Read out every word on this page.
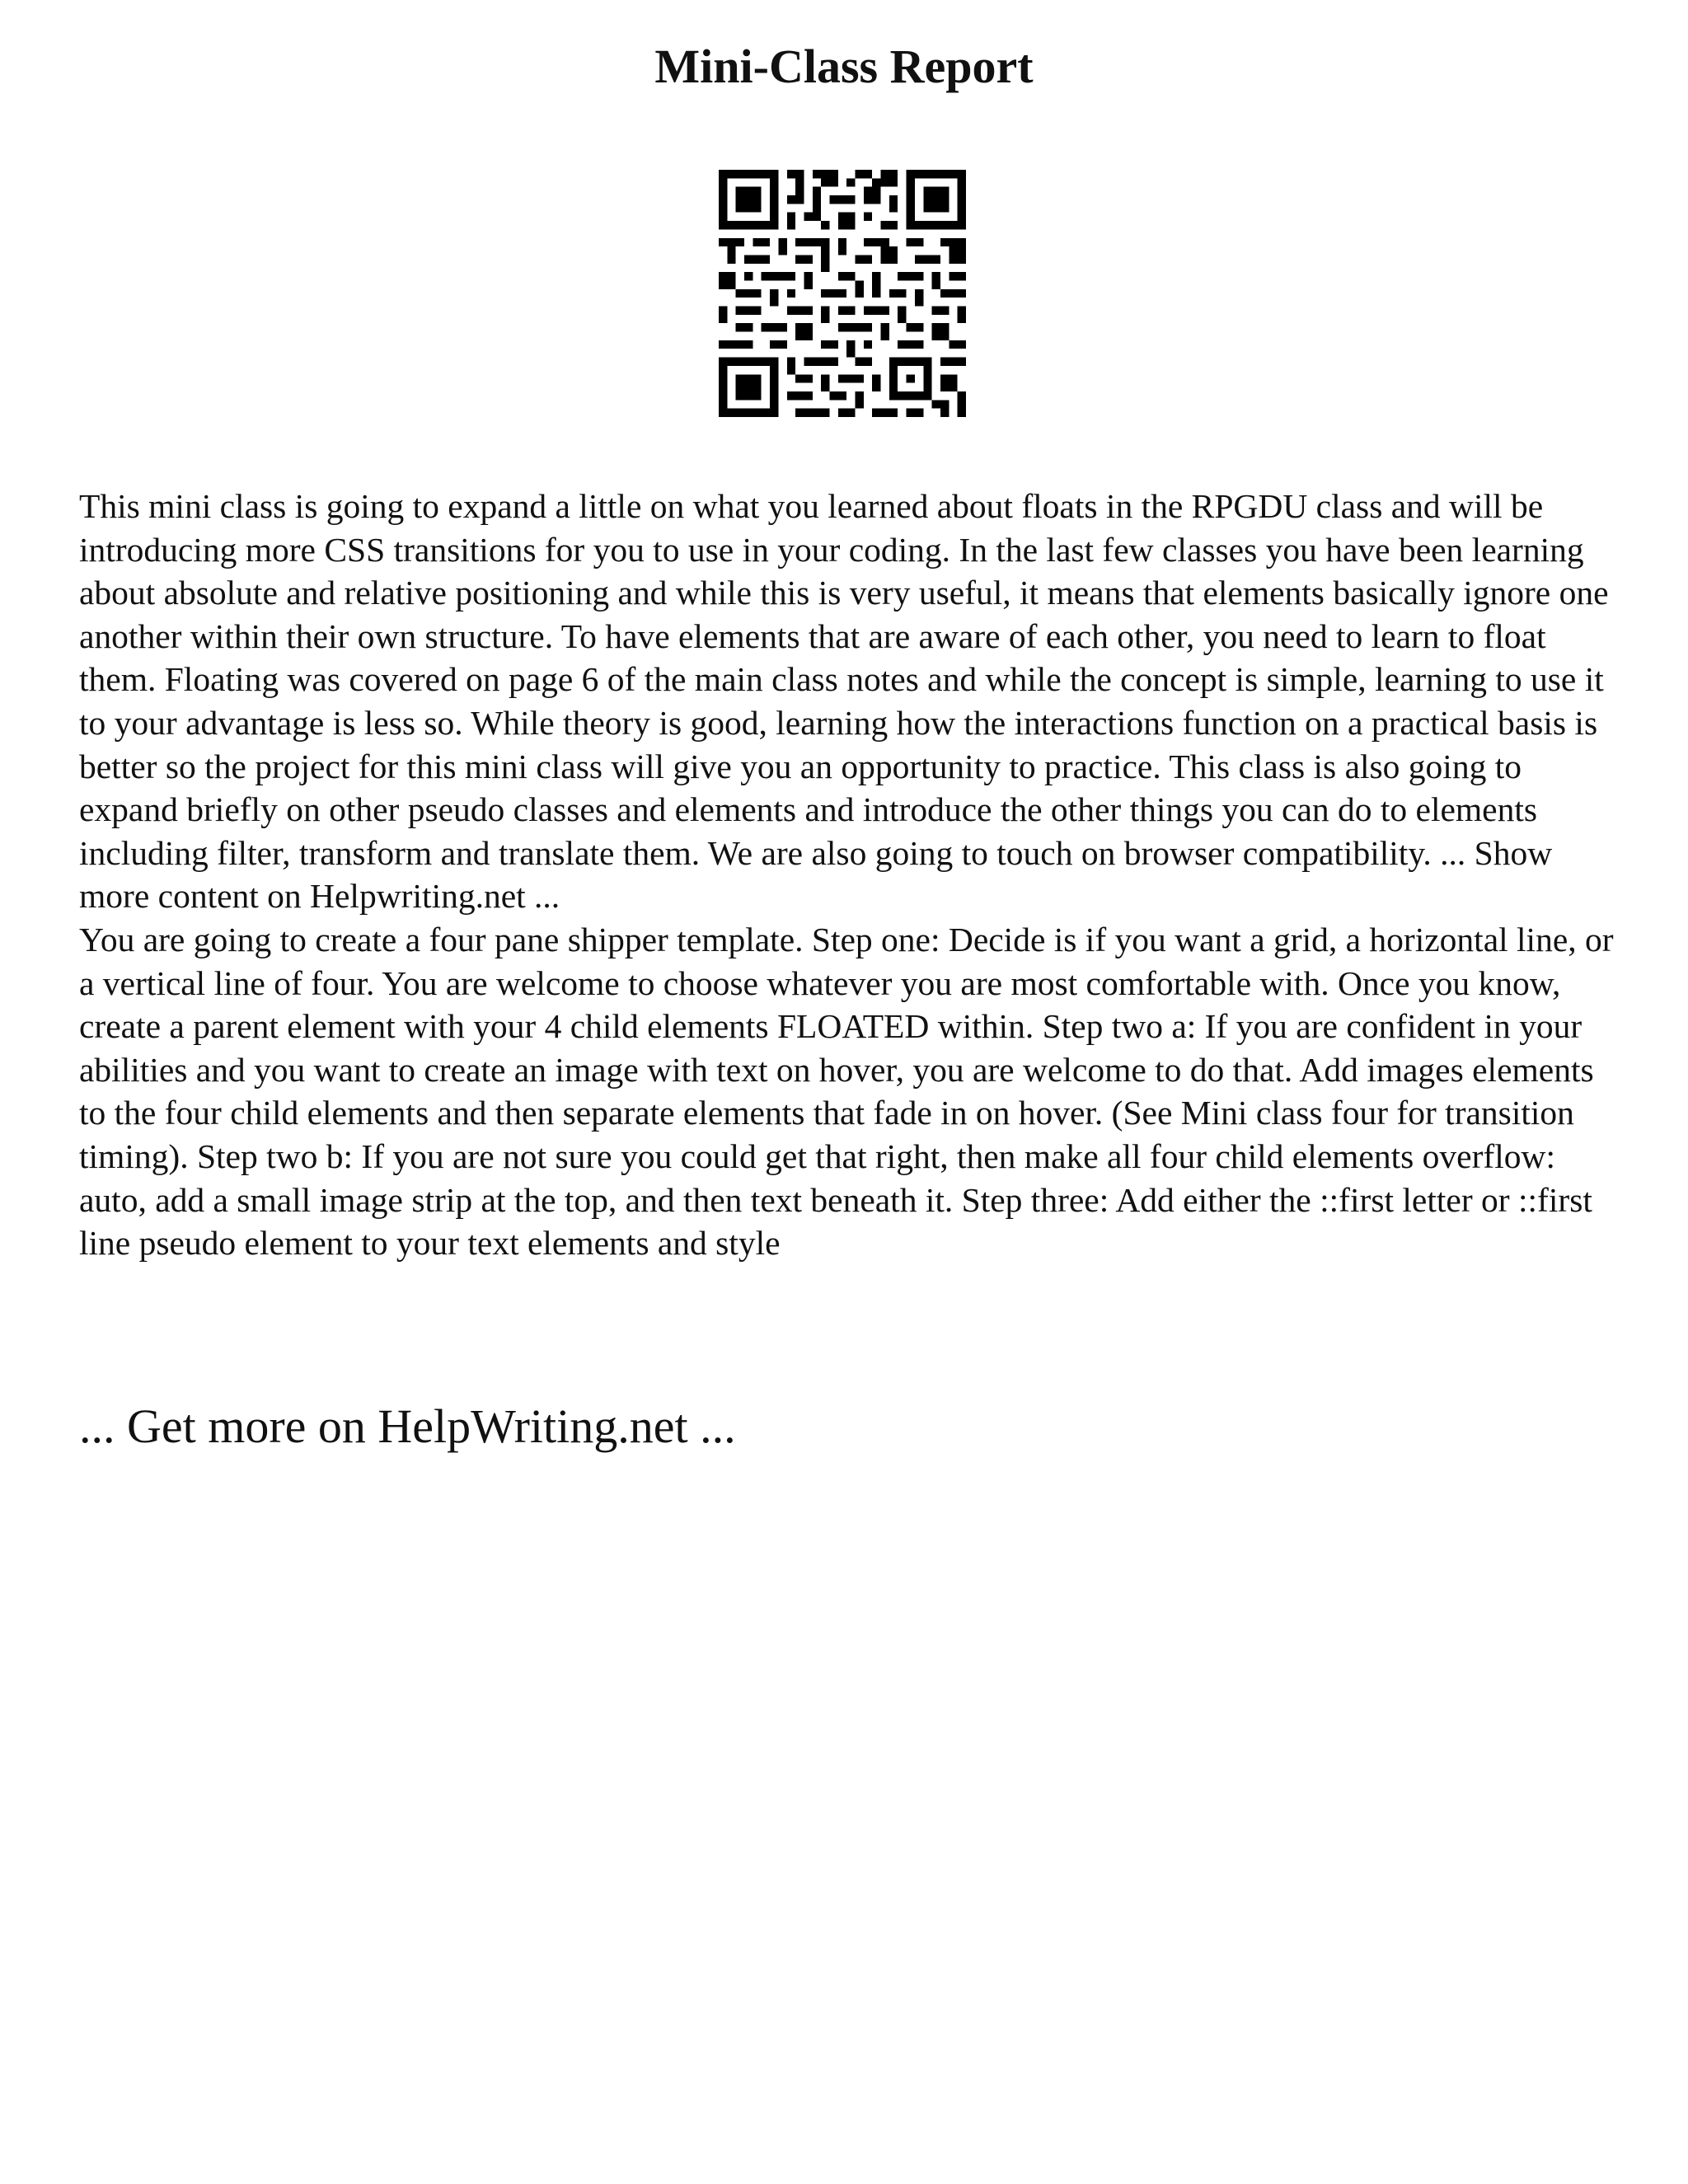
Mini-Class Report

This mini class is going to expand a little on what you learned about floats in the RPGDU class and will be introducing more CSS transitions for you to use in your coding. In the last few classes you have been learning about absolute and relative positioning and while this is very useful, it means that elements basically ignore one another within their own structure. To have elements that are aware of each other, you need to learn to float them. Floating was covered on page 6 of the main class notes and while the concept is simple, learning to use it to your advantage is less so. While theory is good, learning how the interactions function on a practical basis is better so the project for this mini class will give you an opportunity to practice. This class is also going to expand briefly on other pseudo classes and elements and introduce the other things you can do to elements including filter, transform and translate them. We are also going to touch on browser compatibility. ... Show more content on Helpwriting.net ...

You are going to create a four pane shipper template. Step one: Decide is if you want a grid, a horizontal line, or a vertical line of four. You are welcome to choose whatever you are most comfortable with. Once you know, create a parent element with your 4 child elements FLOATED within. Step two a: If you are confident in your abilities and you want to create an image with text on hover, you are welcome to do that. Add images elements to the four child elements and then separate elements that fade in on hover. (See Mini class four for transition timing). Step two b: If you are not sure you could get that right, then make all four child elements overflow: auto, add a small image strip at the top, and then text beneath it. Step three: Add either the ::first letter or ::first line pseudo element to your text elements and style

... Get more on HelpWriting.net ...
